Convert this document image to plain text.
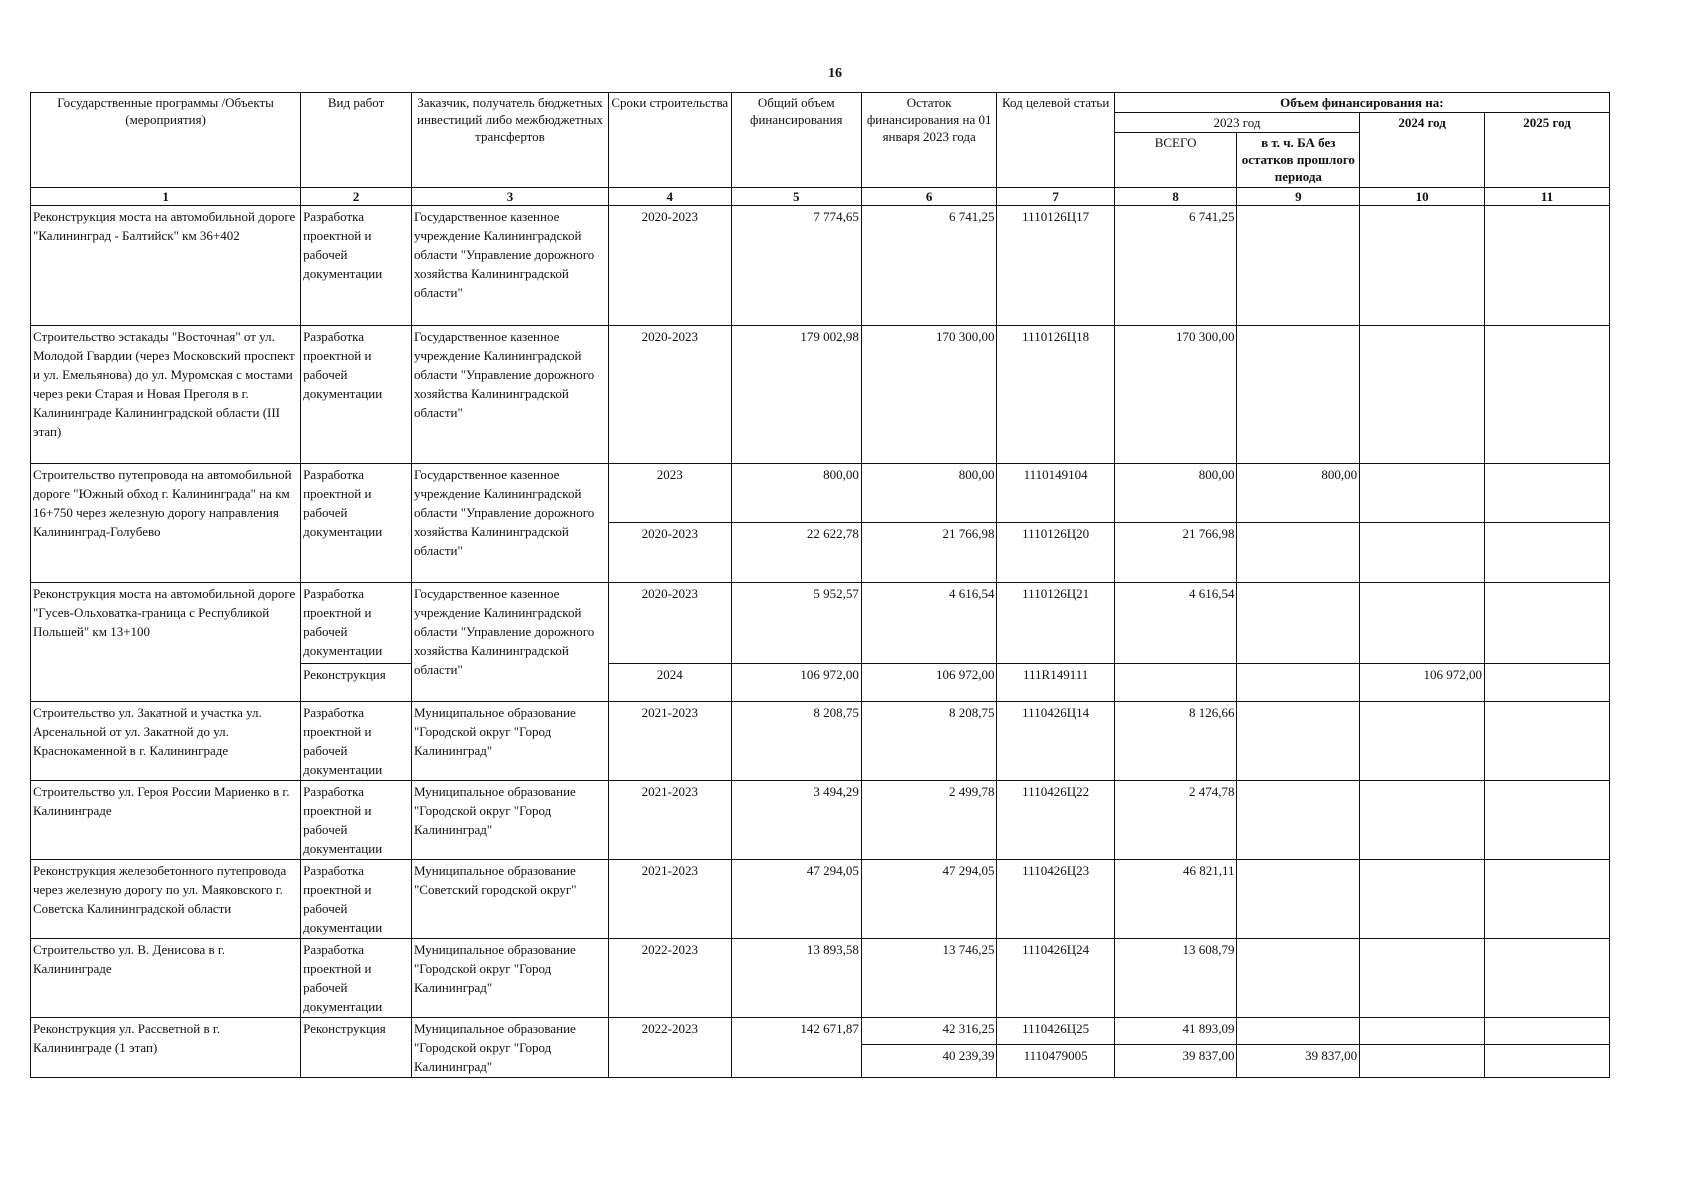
16
Государственные программы /Объекты (мероприятия)	Вид работ	Заказчик, получатель бюджетных инвестиций либо межбюджетных трансфертов	Сроки строительства	Общий объем финансирования	Остаток финансирования на 01 января 2023 года	Код целевой статьи	Объем финансирования на:			
							2023 год		2024 год	2025 год
							ВСЕГО	в т. ч. БА без остатков прошлого периода		
1	2	3	4	5	6	7	8	9	10	11
Реконструкция моста на автомобильной дороге "Калининград - Балтийск" км 36+402	Разработка проектной и рабочей документации	Государственное казенное учреждение Калининградской области "Управление дорожного хозяйства Калининградской области"	2020-2023	7 774,65	6 741,25	1110126Ц17	6 741,25			
Строительство эстакады "Восточная" от ул. Молодой Гвардии (через Московский проспект и ул. Емельянова) до ул. Муромская с мостами через реки Старая и Новая Преголя в г. Калининграде Калининградской области (III этап)	Разработка проектной и рабочей документации	Государственное казенное учреждение Калининградской области "Управление дорожного хозяйства Калининградской области"	2020-2023	179 002,98	170 300,00	1110126Ц18	170 300,00			
Строительство путепровода на автомобильной дороге "Южный обход г. Калининграда" на км 16+750 через железную дорогу направления Калининград-Голубево	Разработка проектной и рабочей документации	Государственное казенное учреждение Калининградской области "Управление дорожного хозяйства Калининградской области"	2023	800,00	800,00	1110149104	800,00	800,00		
			2020-2023	22 622,78	21 766,98	1110126Ц20	21 766,98			
Реконструкция моста на автомобильной дороге "Гусев-Ольховатка-граница с Республикой Польшей" км 13+100	Разработка проектной и рабочей документации	Государственное казенное учреждение Калининградской области "Управление дорожного хозяйства Калининградской области"	2020-2023	5 952,57	4 616,54	1110126Ц21	4 616,54			
	Реконструкция		2024	106 972,00	106 972,00	111R149111			106 972,00	
Строительство ул. Закатной и участка ул. Арсенальной от ул. Закатной до ул. Краснокаменной в г. Калининграде	Разработка проектной и рабочей документации	Муниципальное образование "Городской округ "Город Калининград"	2021-2023	8 208,75	8 208,75	1110426Ц14	8 126,66			
Строительство ул. Героя России Мариенко в г. Калининграде	Разработка проектной и рабочей документации	Муниципальное образование "Городской округ "Город Калининград"	2021-2023	3 494,29	2 499,78	1110426Ц22	2 474,78			
Реконструкция железобетонного путепровода через железную дорогу по ул. Маяковского г. Советска Калининградской области	Разработка проектной и рабочей документации	Муниципальное образование "Советский городской округ"	2021-2023	47 294,05	47 294,05	1110426Ц23	46 821,11			
Строительство ул. В. Денисова в г. Калининграде	Разработка проектной и рабочей документации	Муниципальное образование "Городской округ "Город Калининград"	2022-2023	13 893,58	13 746,25	1110426Ц24	13 608,79			
Реконструкция ул. Рассветной в г. Калининграде (1 этап)	Реконструкция	Муниципальное образование "Городской округ "Город Калининград"	2022-2023	142 671,87	42 316,25	1110426Ц25	41 893,09			
					40 239,39	1110479005	39 837,00	39 837,00		
